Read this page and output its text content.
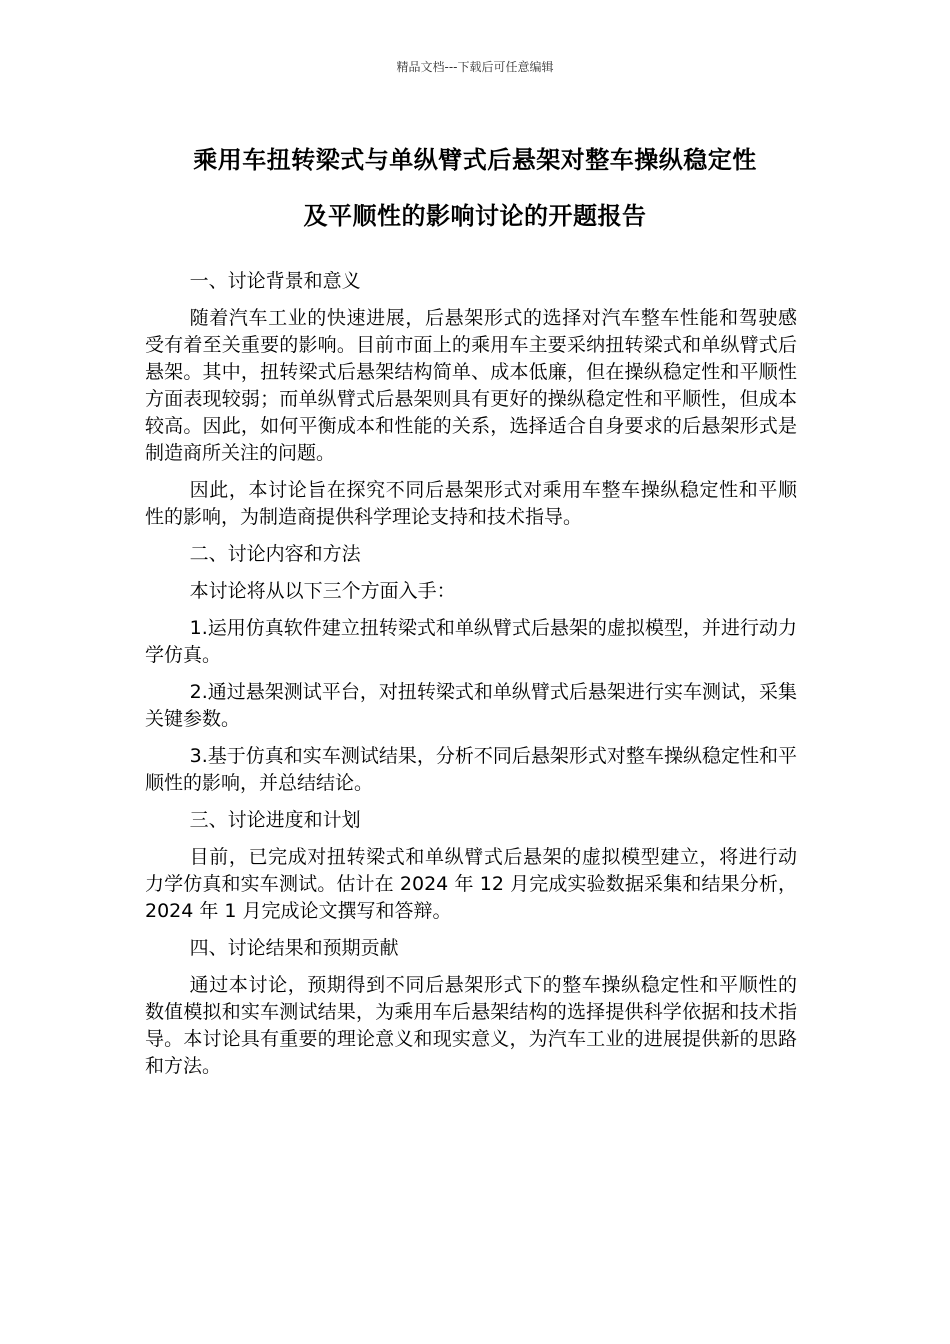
精品文档---下载后可任意编辑
乘用车扭转梁式与单纵臂式后悬架对整车操纵稳定性
及平顺性的影响讨论的开题报告

一、讨论背景和意义

随着汽车工业的快速进展，后悬架形式的选择对汽车整车性能和驾驶感受有着至关重要的影响。目前市面上的乘用车主要采纳扭转梁式和单纵臂式后悬架。其中，扭转梁式后悬架结构简单、成本低廉，但在操纵稳定性和平顺性方面表现较弱；而单纵臂式后悬架则具有更好的操纵稳定性和平顺性，但成本较高。因此，如何平衡成本和性能的关系，选择适合自身要求的后悬架形式是制造商所关注的问题。

因此，本讨论旨在探究不同后悬架形式对乘用车整车操纵稳定性和平顺性的影响，为制造商提供科学理论支持和技术指导。

二、讨论内容和方法

本讨论将从以下三个方面入手：

1.运用仿真软件建立扭转梁式和单纵臂式后悬架的虚拟模型，并进行动力学仿真。

2.通过悬架测试平台，对扭转梁式和单纵臂式后悬架进行实车测试，采集关键参数。

3.基于仿真和实车测试结果，分析不同后悬架形式对整车操纵稳定性和平顺性的影响，并总结结论。

三、讨论进度和计划

目前，已完成对扭转梁式和单纵臂式后悬架的虚拟模型建立，将进行动力学仿真和实车测试。估计在 2024 年 12 月完成实验数据采集和结果分析，2024 年 1 月完成论文撰写和答辩。

四、讨论结果和预期贡献

通过本讨论，预期得到不同后悬架形式下的整车操纵稳定性和平顺性的数值模拟和实车测试结果，为乘用车后悬架结构的选择提供科学依据和技术指导。本讨论具有重要的理论意义和现实意义，为汽车工业的进展提供新的思路和方法。
